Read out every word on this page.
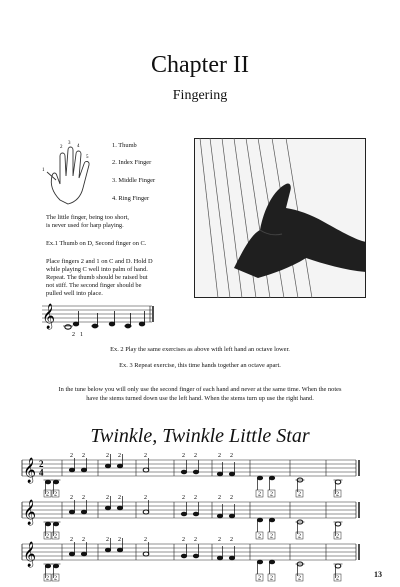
Chapter II
Fingering
1
2
3
4
5
1. Thumb
2. Index Finger
3. Middle Finger
4. Ring Finger
The little finger, being too short,
is never used for harp playing.
Ex.1 Thumb on D, Second finger on C.
Place fingers 2 and 1 on C and D. Hold D
while playing C well into palm of hand.
Repeat. The thumb should be raised but
not stiff. The second finger should be
pulled well into place.
𝄞
2 1
Ex. 2 Play the same exercises as above with left hand an octave lower.
Ex. 3 Repeat exercise, this time hands together an octave apart.
In the tune below you will only use the second finger of each hand and never at the same time. When the notes
have the stems turned down use the left hand. When the stems turn up use the right hand.
Twinkle, Twinkle Little Star
𝄞 2
4
2 2
2 2	2 2	2	2 2	2 2
2 2	2	2
𝄞
2 2
2 2	2 2	2	2 2	2 2
2 2	2	2
𝄞
2 2
2 2	2 2	2	2 2	2 2
2 2	2	2	13
